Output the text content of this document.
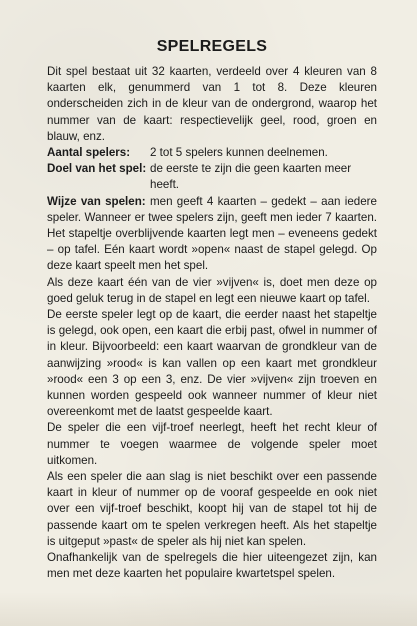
SPELREGELS

Dit spel bestaat uit 32 kaarten, verdeeld over 4 kleuren van 8 kaarten elk, genummerd van 1 tot 8. Deze kleuren onderscheiden zich in de kleur van de ondergrond, waarop het nummer van de kaart: respectievelijk geel, rood, groen en blauw, enz.

Aantal spelers:	2 tot 5 spelers kunnen deelnemen.
Doel van het spel: de eerste te zijn die geen kaarten meer heeft.

Wijze van spelen: men geeft 4 kaarten – gedekt – aan iedere speler. Wanneer er twee spelers zijn, geeft men ieder 7 kaarten. Het stapeltje overblijvende kaarten legt men – eveneens gedekt – op tafel. Eén kaart wordt »open« naast de stapel gelegd. Op deze kaart speelt men het spel.

Als deze kaart één van de vier »vijven« is, doet men deze op goed geluk terug in de stapel en legt een nieuwe kaart op tafel.

De eerste speler legt op de kaart, die eerder naast het stapeltje is gelegd, ook open, een kaart die erbij past, ofwel in nummer of in kleur. Bijvoorbeeld: een kaart waarvan de grondkleur van de aanwijzing »rood« is kan vallen op een kaart met grondkleur »rood« een 3 op een 3, enz. De vier »vijven« zijn troeven en kunnen worden gespeeld ook wanneer nummer of kleur niet overeenkomt met de laatst gespeelde kaart.

De speler die een vijf-troef neerlegt, heeft het recht kleur of nummer te voegen waarmee de volgende speler moet uitkomen.

Als een speler die aan slag is niet beschikt over een passende kaart in kleur of nummer op de vooraf gespeelde en ook niet over een vijf-troef beschikt, koopt hij van de stapel tot hij de passende kaart om te spelen verkregen heeft. Als het stapeltje is uitgeput »past« de speler als hij niet kan spelen.

Onafhankelijk van de spelregels die hier uiteengezet zijn, kan men met deze kaarten het populaire kwartetspel spelen.
